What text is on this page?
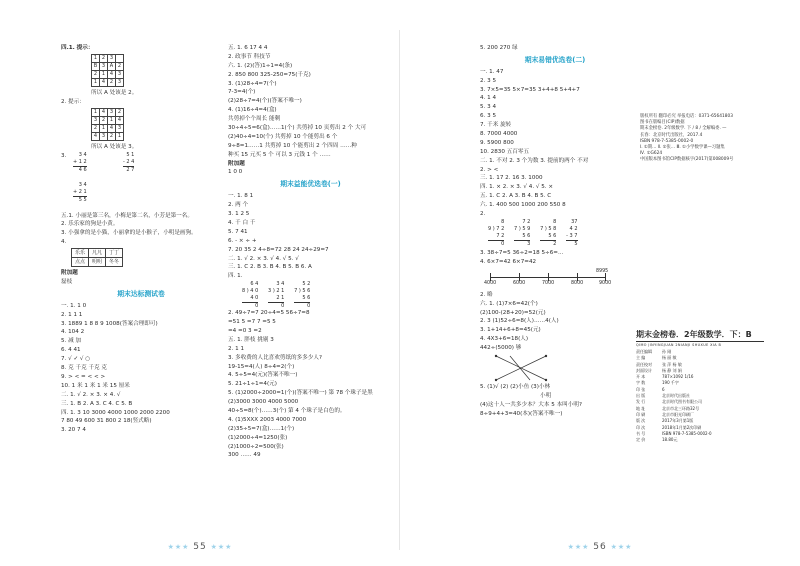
四.1. 提示：
1	2	3	
B	3	A	2
2	1	4	3
1	4	2	3
所以 A 处该是 2。
2. 提示：
1	4	3	2
3	2	1	4
2	1	4	3
4	3	2	1
所以 A 处该是 3。
3.	3 4
+ 1 2
4 6
5 1
- 2 4
2 7
3 4
+ 2 1
5 5
五.1. 小丽是第三名，小梅是第二名，小芳是第一名。
2. 乐乐家的狗是小黄。
3. 小强拿的是小猫，小丽拿的是小猴子，小明是画狗。
4.
乐乐	凡凡	丁丁
点点	明明	冬冬
附加题
磊枝
期末达标测试卷
一. 1. 1 0
2. 1 1 1
3. 1889 1 8 8 9 1008(答案合理即可)
4. 104 2
5. 减 加
6. 4 41
7. √ ✓ √ ○
8. 克 千克 千克 克
9. > < = < < >
10. 1 米 1 米 1 米 15 厘米
二. 1. √ 2. × 3. × 4. √
三. 1. B 2. A 3. C 4. C 5. B
四. 1. 3 10 3000 4000 1000 2000 2200
7 80 49 600 31 800 2 18(竖式略)
3. 20 7 4
五. 1. 6 17 4 4
2. 政事节 科技节
六. 1. (2)(答)1÷1=4(条)
2. 850 800 325-250=75(千克)
3. (1)28÷4=7(个)
7-3=4(个)
(2)28÷7=4(个)(答案不唯一)
4. (1)16÷4=4(盒)
共剪掉个个周长 能剩
30÷4÷5=6(盒)……1(个) 共剪掉 10 页剪出 2 个 大可
(2)40÷4=10(个) 共剪掉 10 个能剪出 6 个
9÷8=1……1 共剪掉 10 个能剪出 2 个四周 ……种
种买 15 元买 5 个 可以 3 元钱 1 个 ……
附加题
1 0 0
期末益能优选卷(一)
一. 1. 8 1
2. 两 个
3. 1 2 5
4. 千 白 千
5. 7 41
6. - × ÷ +
7. 20 35 2 4÷8=72 28 24 24÷29=7
二. 1. √ 2. × 3. √ 4. √ 5. √
三. 1. C 2. B 3. B 4. B 5. B 6. A
四. 1.
6 4
8 ) 4 0
4 0
0

3 4
3 ) 2 1
2 1
0

5 2
7 ) 5 6
5 6
0
2. 49÷7=7 20÷4=5 56÷7=8
=51 5 =7 7 =5 5
=4 =0 3 =2
五. 1. 胖枝 挑剔 3
2. 1 1
3. 多收费的人比喜欢剪纸的多多少人?
19-15=4(人) 8÷4=2(个)
4. 5÷5=4(元)(答案不唯一)
5. 21÷1÷1=4(元)
5. (1)2000÷2000=1(个)(答案不唯一) 第 78 个珠子是黑
(2)3000 3000 4000 5000
40÷5=8(个)……3(个) 第 4 个珠子是白色的。
4. (1)5XXX 2003 4000 7000
(2)35÷5=7(盒)……1(个)
(1)2000÷4=1250(张)
(2)1000÷2=500(张)
300 …… 49
★★★ 55 ★★★
5. 200 270 绿
期末易错优选卷(二)
一. 1. 47
2. 3 5
3. 7×5=35 5×7=35 3+4+8 5+4+7
4. 1 4
5. 3 4
6. 3 5
7. 千米 旋转
8. 7000 4000
9. 5900 800
10. 2830 五百零五
二. 1. 不对 2. 3 个为数 3. 提前的两个 不对
2. > <
三. 1. 17 2. 16 3. 1000
四. 1. × 2. × 3. √ 4. √ 5. ×
五. 1. C 2. A 3. B 4. B 5. C
六. 1. 400 500 1000 200 550 8
2.
8
9 ) 7 2
7 2
0

7 2
7 ) 5 9
5 6
3

8
7 ) 5 8
5 6
2

37
4 2
- 3 7
5
3. 38÷7=5 36÷2=18 5÷6=...
4. 6×7=42 6×7=42
4000	6000	7000	8000	9000
8995
2. 略
六. 1. (1)7×6=42(个)
(2)100-(28+20)=52(元)
2. 3 (1)52÷6=8(人)……4(人)
3. 1+14+6+8=45(元)
4. 4X3+6=18(人)
442÷(5000) 够
5. (1)√ (2) (2)小鱼 (3)小林
小明
(4)这十人一共多少本？大本 5 本叫小明?
8÷9+4+3=40(本)(答案不唯一)
★★★ 56 ★★★
版权所有 翻印必究 举报电话：0371-65641803
图书在版编目(CIP)数据
期末金榜卷. 2年级数学. 下 / 8 / 全解编委. —
长春：北京时代出版社，2017.4
ISBN 978-7-5385-0002-0
Ⅰ. ①期… Ⅱ. ①张… Ⅲ. ①小学数学课—习题集
Ⅳ. ①G624
中国版本图书馆CIP数据核字(2017)第008009号
期末金榜卷．2年级数学．下：B
QIMO JINYINGJUAN 2NIANJI SHUXUE XIA B
责任编辑	孙 刚
主 编	杨 丽 敏
责任校对	张 萍 杨 敏
封面设计	杨 静 刘 娟
开 本	787×1092 1/16
字 数	190 千字
印 张	6
出 版	北京时代出版社
发 行	北京时代图书有限公司
地 址	北京市北三环路32号
印 刷	北京市阳光印刷厂
版 次	2017年3月第1版
印 次	2018年1月第2次印刷
书 号	ISBN 978-7-5385-0002-0
定 价	18.80元
